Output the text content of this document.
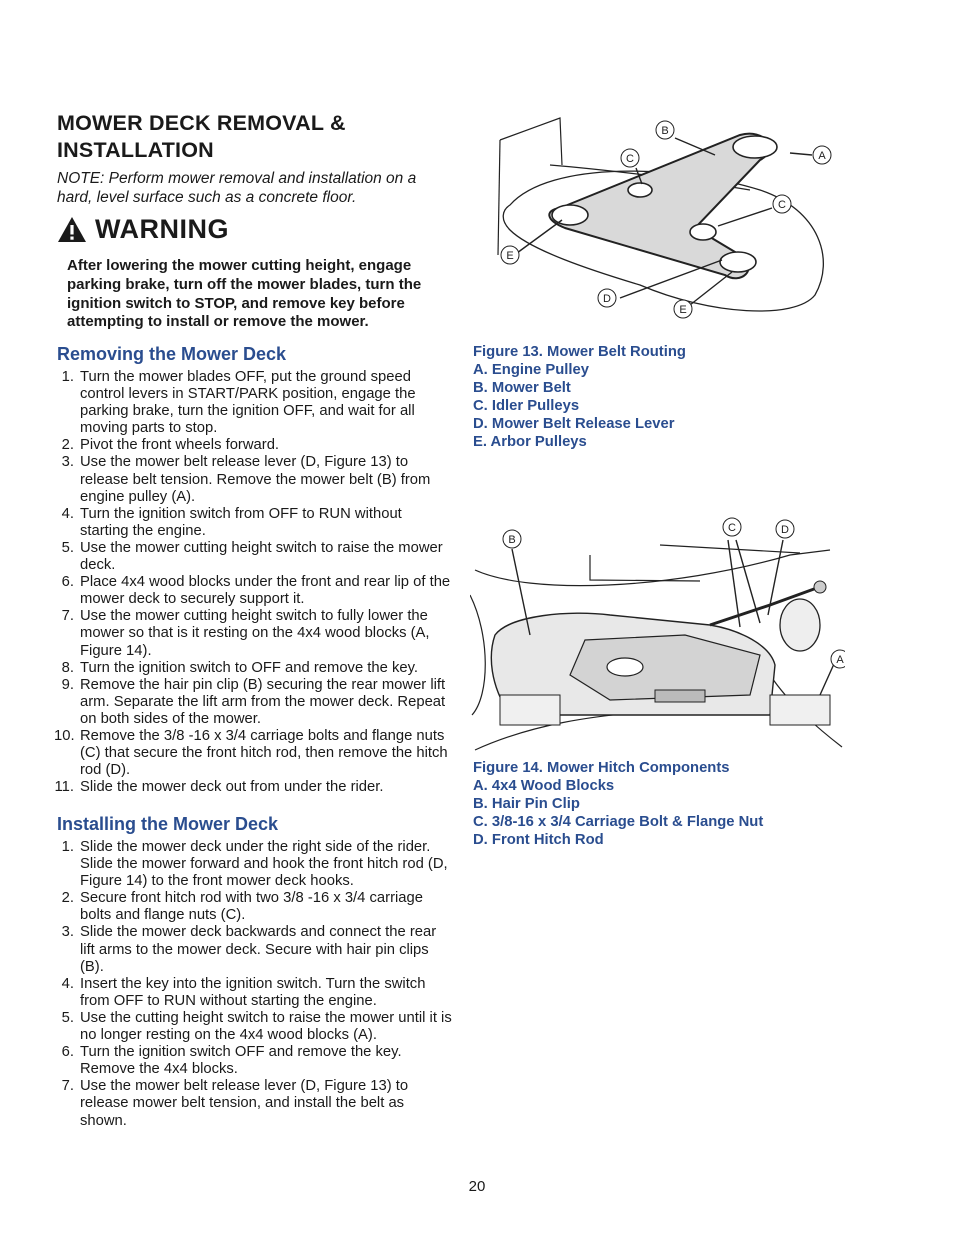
MOWER DECK REMOVAL & INSTALLATION

NOTE: Perform mower removal and installation on a hard, level surface such as a concrete floor.

WARNING

After lowering the mower cutting height, engage parking brake, turn off the mower blades, turn the ignition switch to STOP, and remove key before attempting to install or remove the mower.

Removing the Mower Deck
1. Turn the mower blades OFF, put the ground speed control levers in START/PARK position, engage the parking brake, turn the ignition OFF, and wait for all moving parts to stop.
2. Pivot the front wheels forward.
3. Use the mower belt release lever (D, Figure 13) to release belt tension. Remove the mower belt (B) from engine pulley (A).
4. Turn the ignition switch from OFF to RUN without starting the engine.
5. Use the mower cutting height switch to raise the mower deck.
6. Place 4x4 wood blocks under the front and rear lip of the mower deck to securely support it.
7. Use the mower cutting height switch to fully lower the mower so that is it resting on the 4x4 wood blocks (A, Figure 14).
8. Turn the ignition switch to OFF and remove the key.
9. Remove the hair pin clip (B) securing the rear mower lift arm. Separate the lift arm from the mower deck. Repeat on both sides of the mower.
10. Remove the 3/8 -16 x 3/4 carriage bolts and flange nuts (C) that secure the front hitch rod, then remove the hitch rod (D).
11. Slide the mower deck out from under the rider.
Installing the Mower Deck
1. Slide the mower deck under the right side of the rider. Slide the mower forward and hook the front hitch rod (D, Figure 14) to the front mower deck hooks.
2. Secure front hitch rod with two 3/8 -16 x 3/4 carriage bolts and flange nuts (C).
3. Slide the mower deck backwards and connect the rear lift arms to the mower deck. Secure with hair pin clips (B).
4. Insert the key into the ignition switch. Turn the switch from OFF to RUN without starting the engine.
5. Use the cutting height switch to raise the mower until it is no longer resting on the 4x4 wood blocks (A).
6. Turn the ignition switch OFF and remove the key. Remove the 4x4 blocks.
7. Use the mower belt release lever (D, Figure 13) to release mower belt tension, and install the belt as shown.
B
A
C
C
E
D
E

Figure 13. Mower Belt Routing

A. Engine Pulley
B. Mower Belt
C. Idler Pulleys
D. Mower Belt Release Lever
E. Arbor Pulleys
B
C	D
A

Figure 14. Mower Hitch Components

A. 4x4 Wood Blocks
B. Hair Pin Clip
C. 3/8-16 x 3/4 Carriage Bolt & Flange Nut
D. Front Hitch Rod
20
